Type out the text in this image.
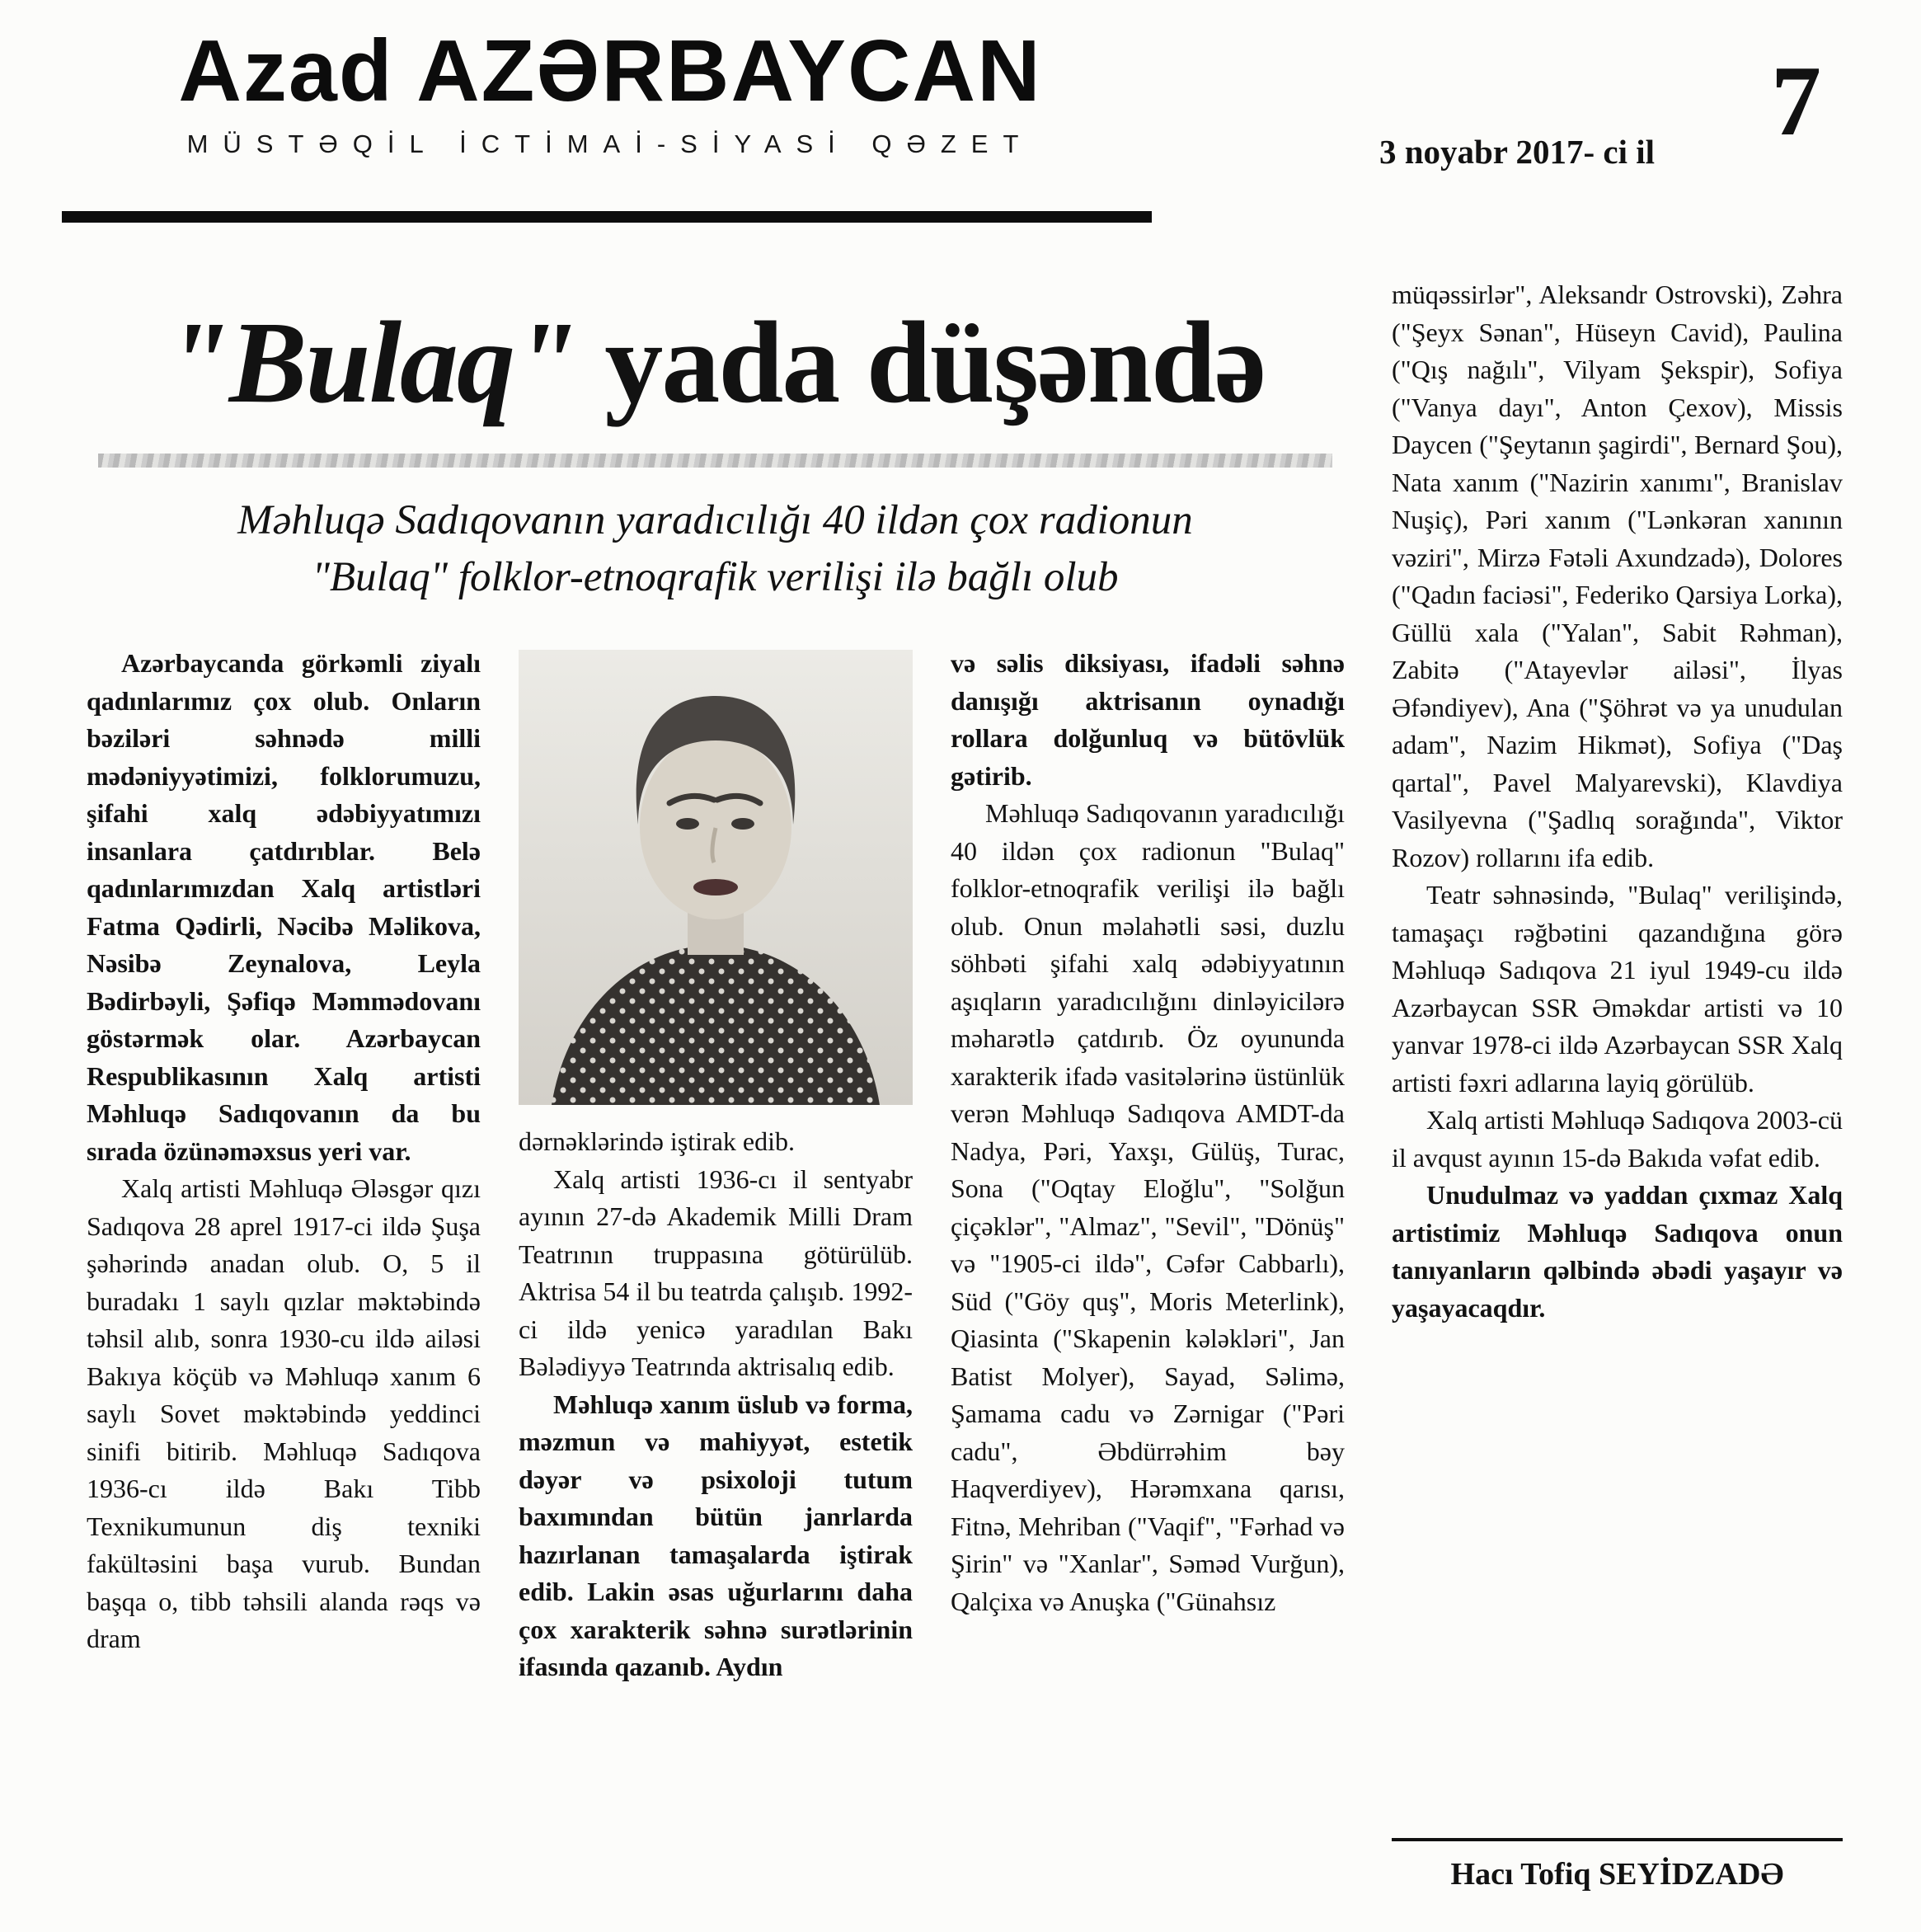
Azad AZƏRBAYCAN
MÜSTƏQİL İCTİMAİ-SİYASİ QƏZET	3 noyabr 2017- ci il	7
"Bulaq" yada düşəndə
Məhluqə Sadıqovanın yaradıcılığı 40 ildən çox radionun
"Bulaq" folklor-etnoqrafik verilişi ilə bağlı olub

Azərbaycanda görkəmli ziyalı qadınlarımız çox olub. Onların bəziləri səhnədə milli mədəniyyətimizi, folklorumuzu, şifahi xalq ədəbiyyatımızı insanlara çatdırıblar. Belə qadınlarımızdan Xalq artistləri Fatma Qədirli, Nəcibə Məlikova, Nəsibə Zeynalova, Leyla Bədirbəyli, Şəfiqə Məmmədovanı göstərmək olar. Azərbaycan Respublikasının Xalq artisti Məhluqə Sadıqovanın da bu sırada özünəməxsus yeri var.

Xalq artisti Məhluqə Ələsgər qızı Sadıqova 28 aprel 1917-ci ildə Şuşa şəhərində anadan olub. O, 5 il buradakı 1 saylı qızlar məktəbində təhsil alıb, sonra 1930-cu ildə ailəsi Bakıya köçüb və Məhluqə xanım 6 saylı Sovet məktəbində yeddinci sinifi bitirib. Məhluqə Sadıqova 1936-cı ildə Bakı Tibb Texnikumunun diş texniki fakültəsini başa vurub. Bundan başqa o, tibb təhsili alanda rəqs və dram

dərnəklərində iştirak edib.

Xalq artisti 1936-cı il sentyabr ayının 27-də Akademik Milli Dram Teatrının truppasına götürülüb. Aktrisa 54 il bu teatrda çalışıb. 1992-ci ildə yenicə yaradılan Bakı Bələdiyyə Teatrında aktrisalıq edib.

Məhluqə xanım üslub və forma, məzmun və mahiyyət, estetik dəyər və psixoloji tutum baxımından bütün janrlarda hazırlanan tamaşalarda iştirak edib. Lakin əsas uğurlarını daha çox xarakterik səhnə surətlərinin ifasında qazanıb. Aydın

və səlis diksiyası, ifadəli səhnə danışığı aktrisanın oynadığı rollara dolğunluq və bütövlük gətirib.

Məhluqə Sadıqovanın yaradıcılığı 40 ildən çox radionun "Bulaq" folklor-etnoqrafik verilişi ilə bağlı olub. Onun məlahətli səsi, duzlu söhbəti şifahi xalq ədəbiyyatının aşıqların yaradıcılığını dinləyicilərə məharətlə çatdırıb. Öz oyununda xarakterik ifadə vasitələrinə üstünlük verən Məhluqə Sadıqova AMDT-da Nadya, Pəri, Yaxşı, Gülüş, Turac, Sona ("Oqtay Eloğlu", "Solğun çiçəklər", "Almaz", "Sevil", "Dönüş" və "1905-ci ildə", Cəfər Cabbarlı), Süd ("Göy quş", Moris Meterlink), Qiasinta ("Skapenin kələkləri", Jan Batist Molyer), Sayad, Səlimə, Şamama cadu və Zərnigar ("Pəri cadu", Əbdürrəhim bəy Haqverdiyev), Hərəmxana qarısı, Fitnə, Mehriban ("Vaqif", "Fərhad və Şirin" və "Xanlar", Səməd Vurğun), Qalçixa və Anuşka ("Günahsız

müqəssirlər", Aleksandr Ostrovski), Zəhra ("Şeyx Sənan", Hüseyn Cavid), Paulina ("Qış nağılı", Vilyam Şekspir), Sofiya ("Vanya dayı", Anton Çexov), Missis Daycen ("Şeytanın şagirdi", Bernard Şou), Nata xanım ("Nazirin xanımı", Branislav Nuşiç), Pəri xanım ("Lənkəran xanının vəziri", Mirzə Fətəli Axundzadə), Dolores ("Qadın faciəsi", Federiko Qarsiya Lorka), Güllü xala ("Yalan", Sabit Rəhman), Zabitə ("Atayevlər ailəsi", İlyas Əfəndiyev), Ana ("Şöhrət və ya unudulan adam", Nazim Hikmət), Sofiya ("Daş qartal", Pavel Malyarevski), Klavdiya Vasilyevna ("Şadlıq sorağında", Viktor Rozov) rollarını ifa edib.

Teatr səhnəsində, "Bulaq" verilişində, tamaşaçı rəğbətini qazandığına görə Məhluqə Sadıqova 21 iyul 1949-cu ildə Azərbaycan SSR Əməkdar artisti və 10 yanvar 1978-ci ildə Azərbaycan SSR Xalq artisti fəxri adlarına layiq görülüb.

Xalq artisti Məhluqə Sadıqova 2003-cü il avqust ayının 15-də Bakıda vəfat edib.

Unudulmaz və yaddan çıxmaz Xalq artistimiz Məhluqə Sadıqova onun tanıyanların qəlbində əbədi yaşayır və yaşayacaqdır.

Hacı Tofiq SEYİDZADƏ
